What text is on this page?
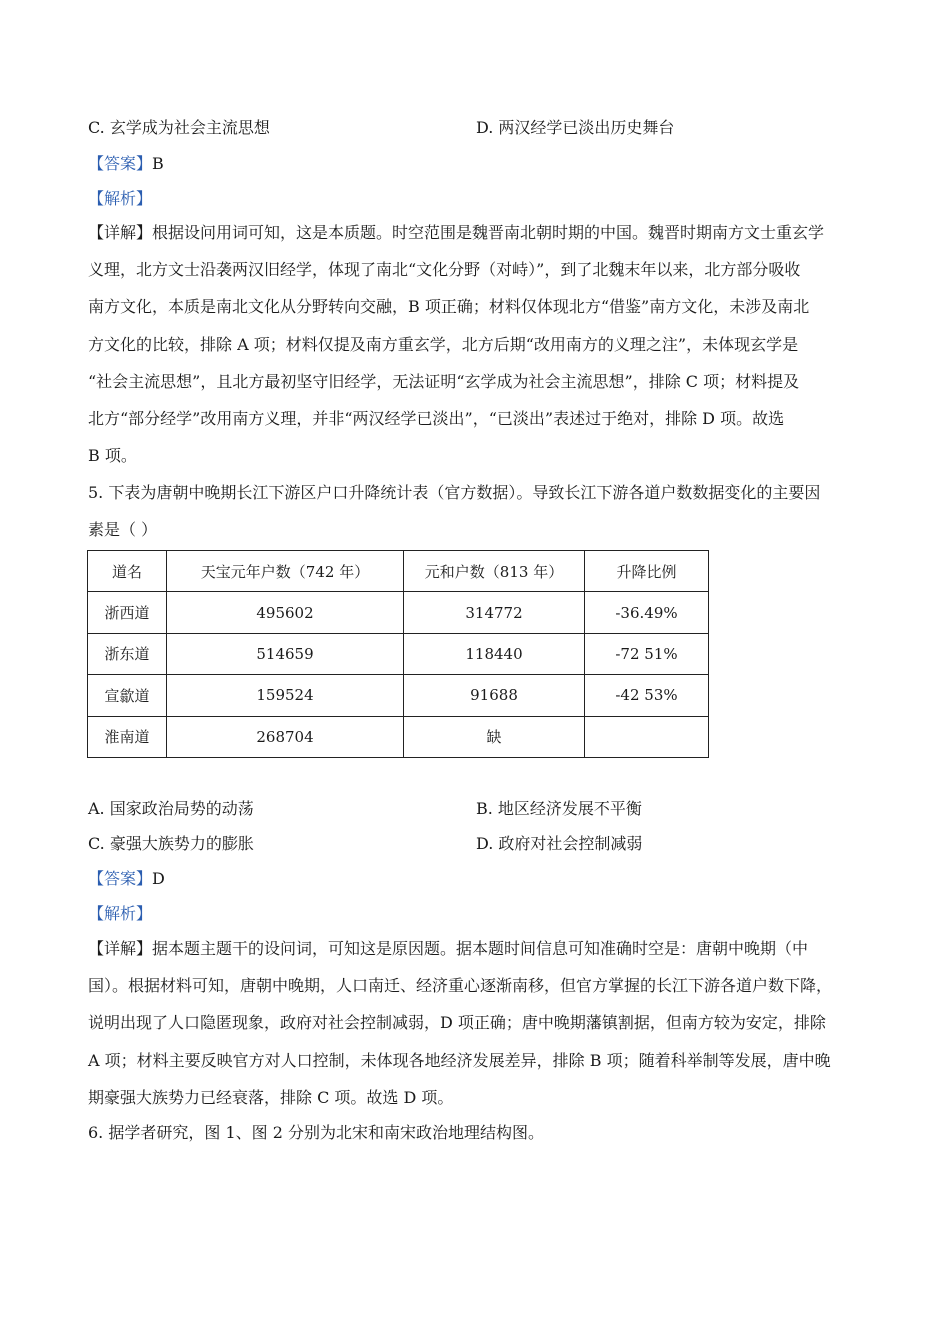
C. 玄学成为社会主流思想	D. 两汉经学已淡出历史舞台
【答案】B
【解析】
【详解】根据设问用词可知，这是本质题。时空范围是魏晋南北朝时期的中国。魏晋时期南方文士重玄学
义理，北方文士沿袭两汉旧经学，体现了南北“文化分野（对峙）”，到了北魏末年以来，北方部分吸收
南方文化，本质是南北文化从分野转向交融，B 项正确；材料仅体现北方“借鉴”南方文化，未涉及南北
方文化的比较，排除 A 项；材料仅提及南方重玄学，北方后期“改用南方的义理之注”，未体现玄学是
“社会主流思想”，且北方最初坚守旧经学，无法证明“玄学成为社会主流思想”，排除 C 项；材料提及
北方“部分经学”改用南方义理，并非“两汉经学已淡出”，“已淡出”表述过于绝对，排除 D 项。故选
B 项。
5. 下表为唐朝中晚期长江下游区户口升降统计表（官方数据）。导致长江下游各道户数数据变化的主要因
素是（ ）
道名	天宝元年户数（742 年）	元和户数（813 年）	升降比例
浙西道	495602	314772	-36.49%
浙东道	514659	118440	-72 51%
宣歙道	159524	91688	-42 53%
淮南道	268704	缺	
A. 国家政治局势的动荡	B. 地区经济发展不平衡
C. 豪强大族势力的膨胀	D. 政府对社会控制减弱
【答案】D
【解析】
【详解】据本题主题干的设问词，可知这是原因题。据本题时间信息可知准确时空是：唐朝中晚期（中
国）。根据材料可知，唐朝中晚期，人口南迁、经济重心逐渐南移，但官方掌握的长江下游各道户数下降，
说明出现了人口隐匿现象，政府对社会控制减弱，D 项正确；唐中晚期藩镇割据，但南方较为安定，排除
A 项；材料主要反映官方对人口控制，未体现各地经济发展差异，排除 B 项；随着科举制等发展，唐中晚
期豪强大族势力已经衰落，排除 C 项。故选 D 项。
6. 据学者研究，图 1、图 2 分别为北宋和南宋政治地理结构图。
